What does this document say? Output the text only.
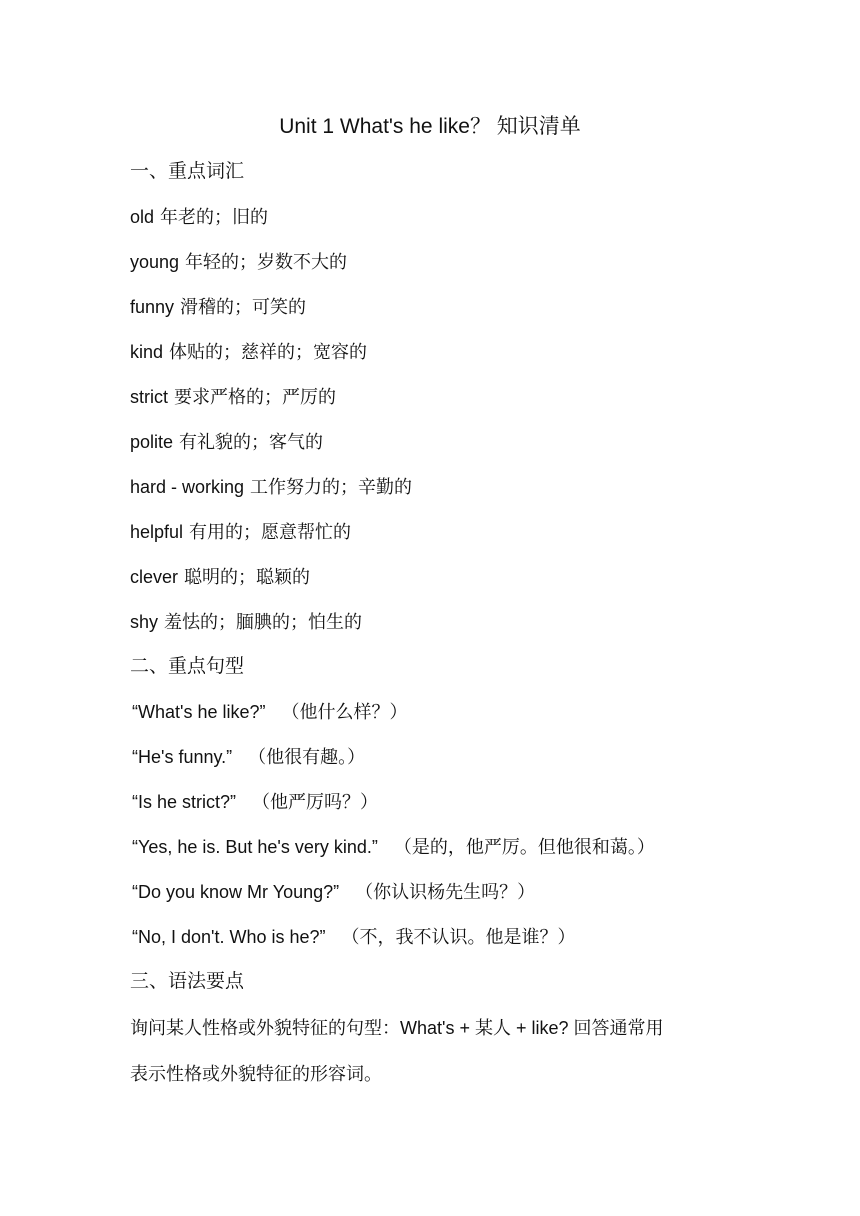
Unit 1 What's he like？ 知识清单
一、重点词汇
old 年老的；旧的
young 年轻的；岁数不大的
funny 滑稽的；可笑的
kind 体贴的；慈祥的；宽容的
strict 要求严格的；严厉的
polite 有礼貌的；客气的
hard - working 工作努力的；辛勤的
helpful 有用的；愿意帮忙的
clever 聪明的；聪颖的
shy 羞怯的；腼腆的；怕生的
二、重点句型
“What's he like?” （他什么样？）
“He's funny.” （他很有趣。）
“Is he strict?” （他严厉吗？）
“Yes, he is. But he's very kind.” （是的，他严厉。但他很和蔼。）
“Do you know Mr Young?” （你认识杨先生吗？）
“No, I don't. Who is he?” （不，我不认识。他是谁？）
三、语法要点
询问某人性格或外貌特征的句型：What's + 某人 + like? 回答通常用
表示性格或外貌特征的形容词。
